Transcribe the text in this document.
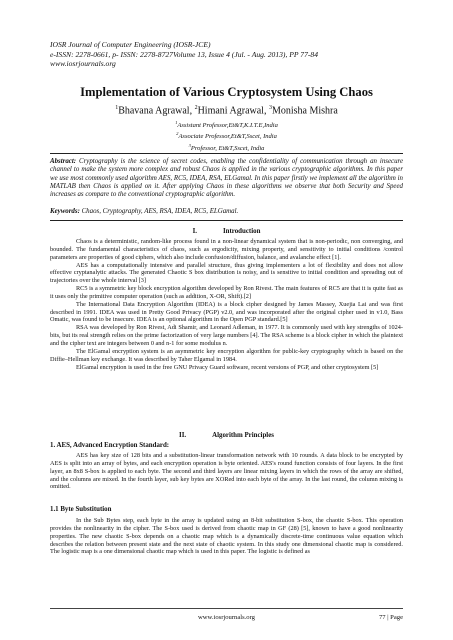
IOSR Journal of Computer Engineering (IOSR-JCE)
e-ISSN: 2278-0661, p- ISSN: 2278-8727Volume 13, Issue 4 (Jul. - Aug. 2013), PP 77-84
www.iosrjournals.org
Implementation of Various Cryptosystem Using Chaos
$^1$Bhavana Agrawal, $^2$Himani Agrawal, $^3$Monisha Mishra
$^1$Assistant Professor,Et&T,K.I.T.E,India
$^2$Associate Professor,Et&T,Sscet, India
$^3$Professor, Et&T,Sscet, India
Abstract: Cryptography is the science of secret codes, enabling the confidentiality of communication through an insecure channel to make the system more complex and robust Chaos is applied in the various cryptographic algorithms. In this paper we use most commonly used algorithm AES, RC5, IDEA, RSA, ELGamal. In this paper firstly we implement all the algorithm in MATLAB then Chaos is applied on it. After applying Chaos in these algorithms we observe that both Security and Speed increases as compare to the conventional cryptographic algorithm.
Keywords: Chaos, Cryptography, AES, RSA, IDEA, RC5, ELGamal.
I.	Introduction

Chaos is a deterministic, random-like process found in a non-linear dynamical system that is non-periodic, non converging, and bounded. The fundamental characteristics of chaos, such as ergodicity, mixing property, and sensitivity to initial conditions /control parameters are properties of good ciphers, which also include confusion/diffusion, balance, and avalanche effect [1].

AES has a computationally intensive and parallel structure, thus giving implementers a lot of flexibility and does not allow effective cryptanalytic attacks. The generated Chaotic S box distribution is noisy, and is sensitive to initial condition and spreading out of trajectories over the whole interval [3]

RC5 is a symmetric key block encryption algorithm developed by Ron Rivest. The main features of RC5 are that it is quite fast as it uses only the primitive computer operation (such as addition, X-OR, Shift).[2]

The International Data Encryption Algorithm (IDEA) is a block cipher designed by James Massey, Xuejia Lai and was first described in 1991. IDEA was used in Pretty Good Privacy (PGP) v2.0, and was incorporated after the original cipher used in v1.0, Bass Omatic, was found to be insecure. IDEA is an optional algorithm in the Open PGP standard.[5]

RSA was developed by Ron Rivest, Adi Shamir, and Leonard Adleman, in 1977. It is commonly used with key strengths of 1024-bits, but its real strength relies on the prime factorization of very large numbers [4]. The RSA scheme is a block cipher in which the plaintext and the cipher text are integers between 0 and n-1 for some modulus n.

The ElGamal encryption system is an asymmetric key encryption algorithm for public-key cryptography which is based on the Diffie–Hellman key exchange. It was described by Taher Elgamal in 1984.

ElGamal encryption is used in the free GNU Privacy Guard software, recent versions of PGP, and other cryptosystem [5]

II.	Algorithm Principles
1. AES, Advanced Encryption Standard:

AES has key size of 128 bits and a substitution-linear transformation network with 10 rounds. A data block to be encrypted by AES is split into an array of bytes, and each encryption operation is byte oriented. AES's round function consists of four layers. In the first layer, an 8x8 S-box is applied to each byte. The second and third layers are linear mixing layers in which the rows of the array are shifted, and the columns are mixed. In the fourth layer, sub key bytes are XORed into each byte of the array. In the last round, the column mixing is omitted.

1.1 Byte Substitution

In the Sub Bytes step, each byte in the array is updated using an 8-bit substitution S-box, the chaotic S-box. This operation provides the nonlinearity in the cipher. The S-box used is derived from chaotic map in GF (28) [5], known to have a good nonlinearity properties. The new chaotic S-box depends on a chaotic map which is a dynamically discrete-time continuous value equation which describes the relation between present state and the next state of chaotic system. In this study one dimensional chaotic map is considered. The logistic map is a one dimensional chaotic map which is used in this paper. The logistic is defined as

www.iosrjournals.org	77 | Page
